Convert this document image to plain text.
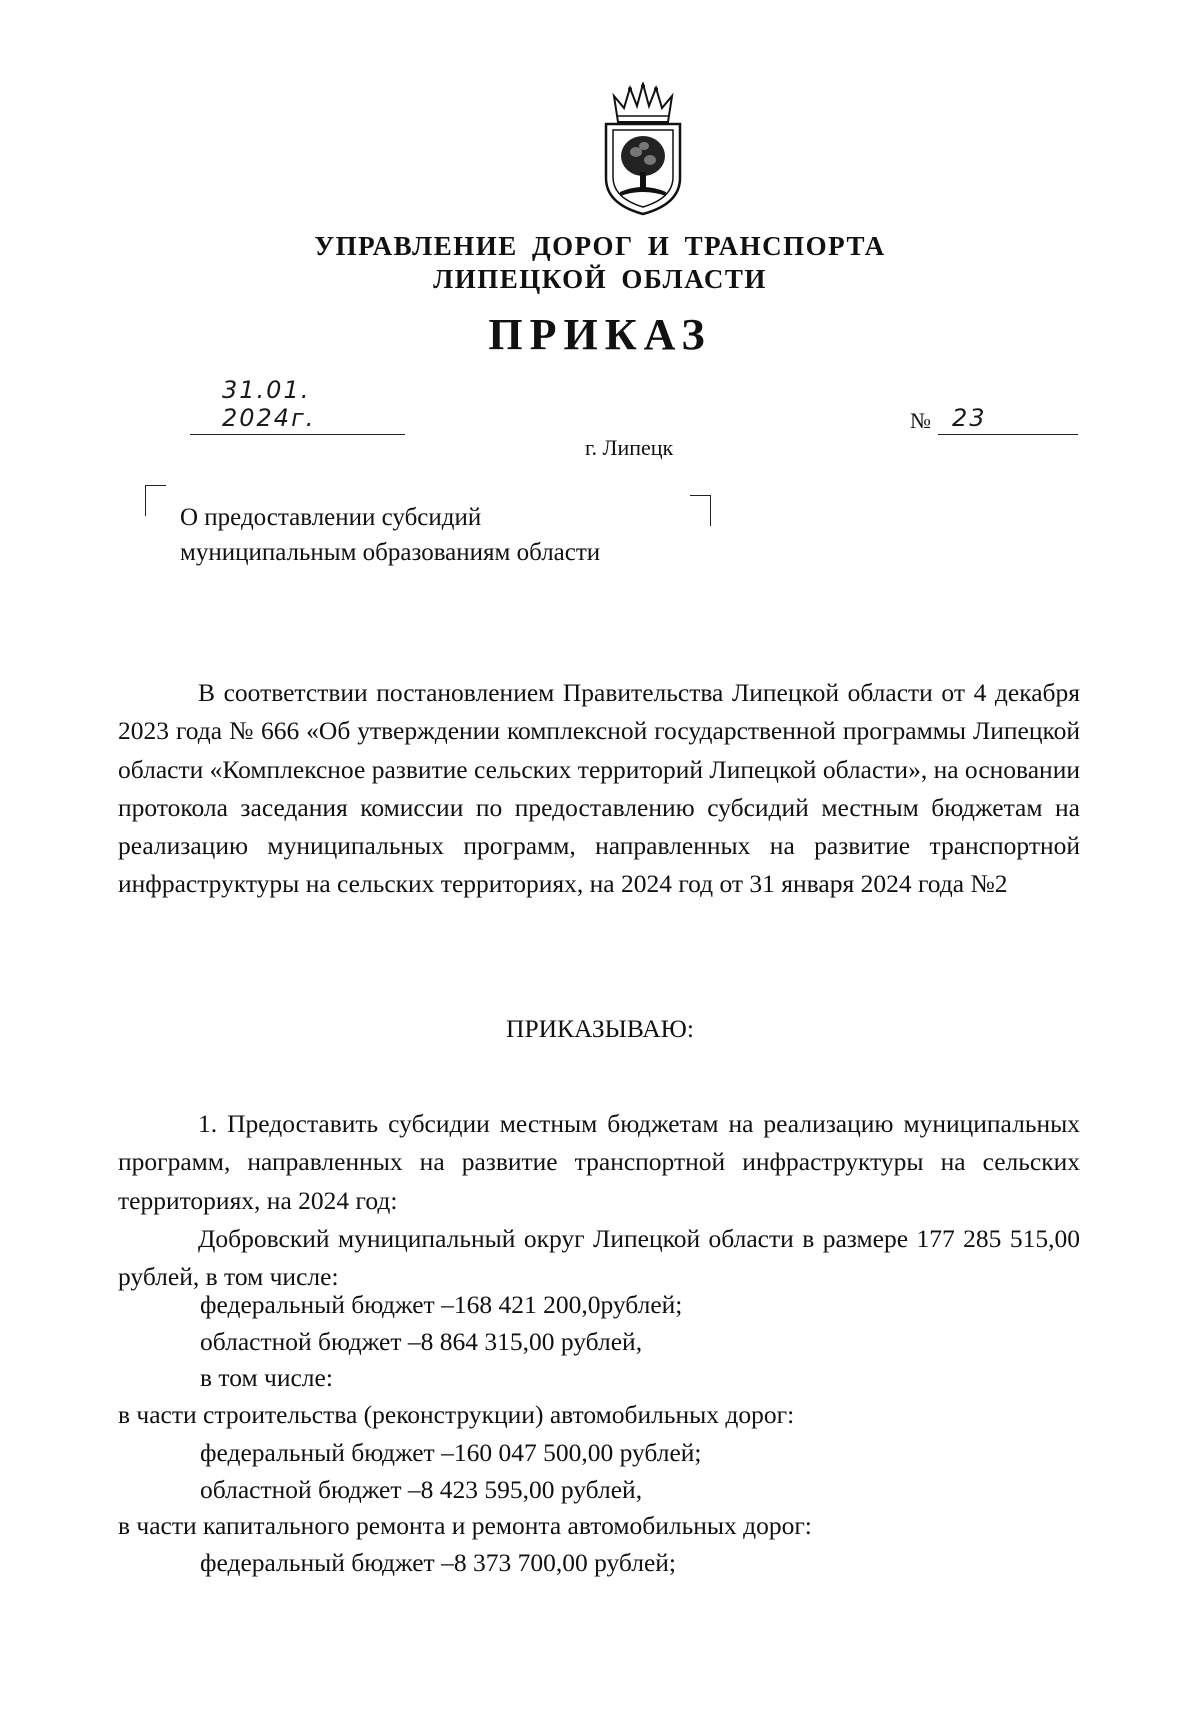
УПРАВЛЕНИЕ ДОРОГ И ТРАНСПОРТА
ЛИПЕЦКОЙ ОБЛАСТИ
ПРИКАЗ
31.01. 2024г.	№ 23
г. Липецк
О предоставлении субсидий
муниципальным образованиям области
В соответствии постановлением Правительства Липецкой области от 4 декабря 2023 года № 666 «Об утверждении комплексной государственной программы Липецкой области «Комплексное развитие сельских территорий Липецкой области», на основании протокола заседания комиссии по предоставлению субсидий местным бюджетам на реализацию муниципальных программ, направленных на развитие транспортной инфраструктуры на сельских территориях, на 2024 год от 31 января 2024 года №2
ПРИКАЗЫВАЮ:
1. Предоставить субсидии местным бюджетам на реализацию муниципальных программ, направленных на развитие транспортной инфраструктуры на сельских территориях, на 2024 год:
Добровский муниципальный округ Липецкой области в размере 177 285 515,00 рублей, в том числе:
федеральный бюджет –168 421 200,0рублей;
областной бюджет –8 864 315,00 рублей,
в том числе:
в части строительства (реконструкции) автомобильных дорог:
федеральный бюджет –160 047 500,00 рублей;
областной бюджет –8 423 595,00 рублей,
в части капитального ремонта и ремонта автомобильных дорог:
федеральный бюджет –8 373 700,00 рублей;
